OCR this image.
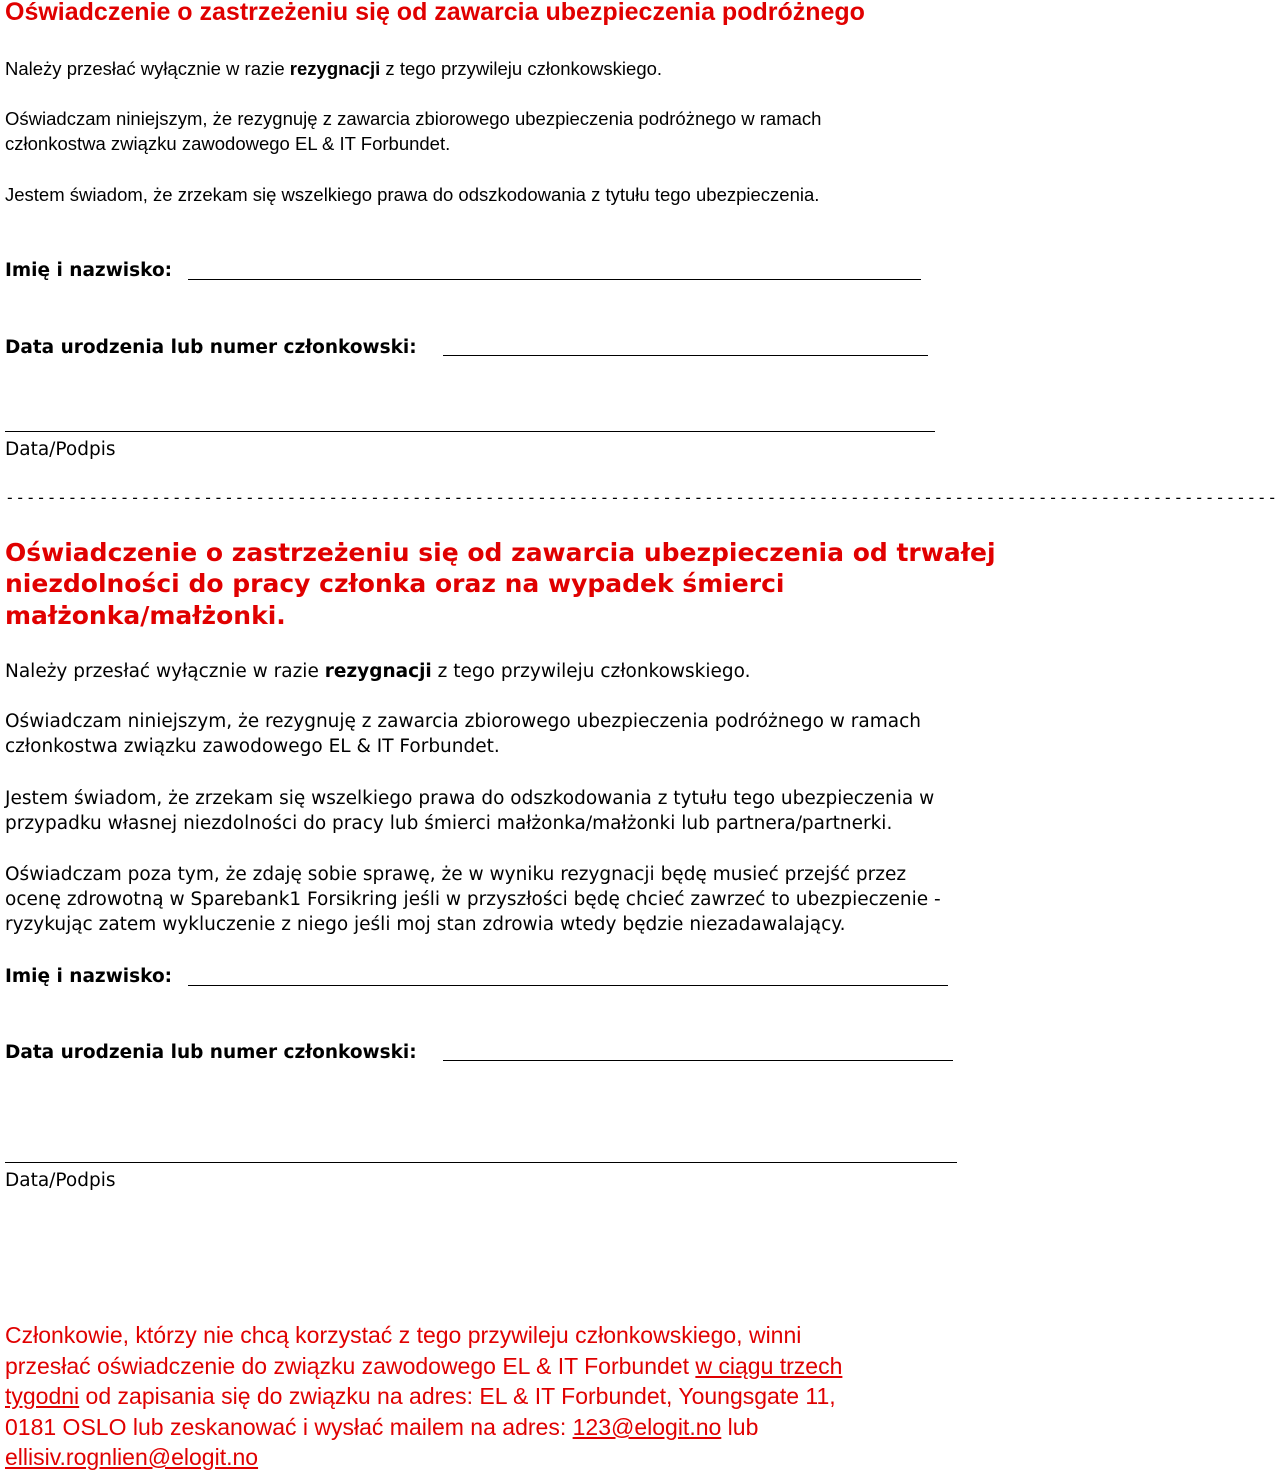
Oświadczenie o zastrzeżeniu się od zawarcia ubezpieczenia podróżnego
Należy przesłać wyłącznie w razie rezygnacji z tego przywileju członkowskiego.
Oświadczam niniejszym, że rezygnuję z zawarcia zbiorowego ubezpieczenia podróżnego w ramach
członkostwa związku zawodowego EL & IT Forbundet.
Jestem świadom, że zrzekam się wszelkiego prawa do odszkodowania z tytułu tego ubezpieczenia.
Imię i nazwisko:
Data urodzenia lub numer członkowski:
Data/Podpis
--------------------------------------------------------------------------------------------------------------------------
Oświadczenie o zastrzeżeniu się od zawarcia ubezpieczenia od trwałej
niezdolności do pracy członka oraz na wypadek śmierci
małżonka/małżonki.
Należy przesłać wyłącznie w razie rezygnacji z tego przywileju członkowskiego.
Oświadczam niniejszym, że rezygnuję z zawarcia zbiorowego ubezpieczenia podróżnego w ramach
członkostwa związku zawodowego EL & IT Forbundet.
Jestem świadom, że zrzekam się wszelkiego prawa do odszkodowania z tytułu tego ubezpieczenia w
przypadku własnej niezdolności do pracy lub śmierci małżonka/małżonki lub partnera/partnerki.
Oświadczam poza tym, że zdaję sobie sprawę, że w wyniku rezygnacji będę musieć przejść przez
ocenę zdrowotną w Sparebank1 Forsikring jeśli w przyszłości będę chcieć zawrzeć to ubezpieczenie -
ryzykując zatem wykluczenie z niego jeśli moj stan zdrowia wtedy będzie niezadawalający.
Imię i nazwisko:
Data urodzenia lub numer członkowski:
Data/Podpis
Członkowie, którzy nie chcą korzystać z tego przywileju członkowskiego, winni
przesłać oświadczenie do związku zawodowego EL & IT Forbundet w ciągu trzech
tygodni od zapisania się do związku na adres: EL & IT Forbundet, Youngsgate 11,
0181 OSLO lub zeskanować i wysłać mailem na adres: 123@elogit.no lub
ellisiv.rognlien@elogit.no
